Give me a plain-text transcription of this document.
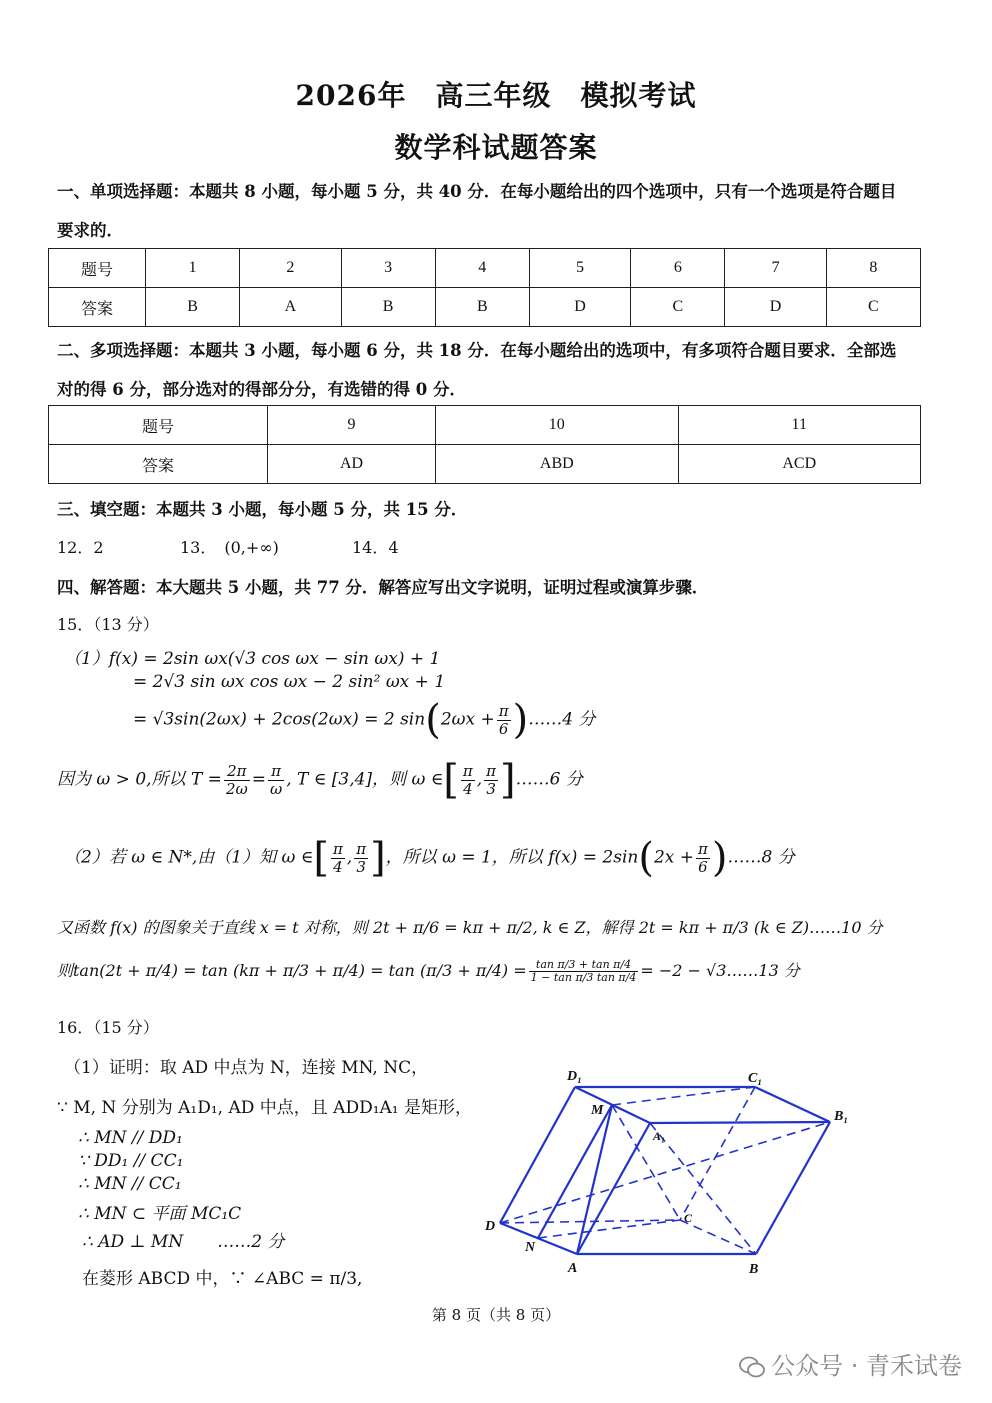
2026年　高三年级　模拟考试
数学科试题答案
一、单项选择题：本题共 8 小题，每小题 5 分，共 40 分．在每小题给出的四个选项中，只有一个选项是符合题目
要求的．
题号	1	2	3	4	5	6	7	8
答案	B	A	B	B	D	C	D	C
二、多项选择题：本题共 3 小题，每小题 6 分，共 18 分．在每小题给出的选项中，有多项符合题目要求．全部选
对的得 6 分，部分选对的得部分分，有选错的得 0 分．
题号	9	10	11
答案	AD	ABD	ACD
三、填空题：本题共 3 小题，每小题 5 分，共 15 分．
12．2	13．　(0,+∞)	14．4
四、解答题：本大题共 5 小题，共 77 分．解答应写出文字说明，证明过程或演算步骤．
15．（13 分）
（1）f(x) = 2sin ωx(√3 cos ωx − sin ωx) + 1
= 2√3 sin ωx cos ωx − 2 sin² ωx + 1
= √3sin(2ωx) + 2cos(2ωx) = 2 $\sin(2\omega x + \frac{\pi}{6}$ )……4 分
因为 ω > 0,所以 $T = \frac{2\pi}{2\omega} = \frac{\pi}{\omega}$ , T ∈ [3,4]，则 ω ∈[ $\frac{\pi}{4}$ , $\frac{\pi}{3}$ ]……6 分
（2）若 ω ∈ N*,由（1）知 ω ∈[ $\frac{\pi}{4}$ , $\frac{\pi}{3}$ ]，所以 ω = 1，所以 $f(x) = 2\sin(2x + \frac{\pi}{6}$ )……8 分
又函数 f(x) 的图象关于直线 x = t 对称，则 2t + π/6 = kπ + π/2, k ∈ Z，解得 2t = kπ + π/3 (k ∈ Z)……10 分
则$\tan(2t + \pi/4) = \tan (k\pi + \pi/3 + \pi/4) = \tan (\pi/3 + \pi/4) = \frac{\text{tan π/3 + tan π/4}}{\text{1 − tan π/3 tan π/4}} = -2$ − √3……13 分
16．（15 分）
（1）证明：取 AD 中点为 N，连接 MN, NC，
∵ M, N 分别为 A₁D₁, AD 中点，且 ADD₁A₁ 是矩形，
∴ MN // DD₁
∵ DD₁ // CC₁
∴ MN // CC₁
∴ MN ⊂ 平面 MC₁C
∴ AD ⊥ MN　　……2 分
在菱形 ABCD 中，∵ ∠ABC = π/3,
D₁	C₁
B₁
M
A₁
C
D
N
A	B
第 8 页（共 8 页）
公众号 · 青禾试卷
